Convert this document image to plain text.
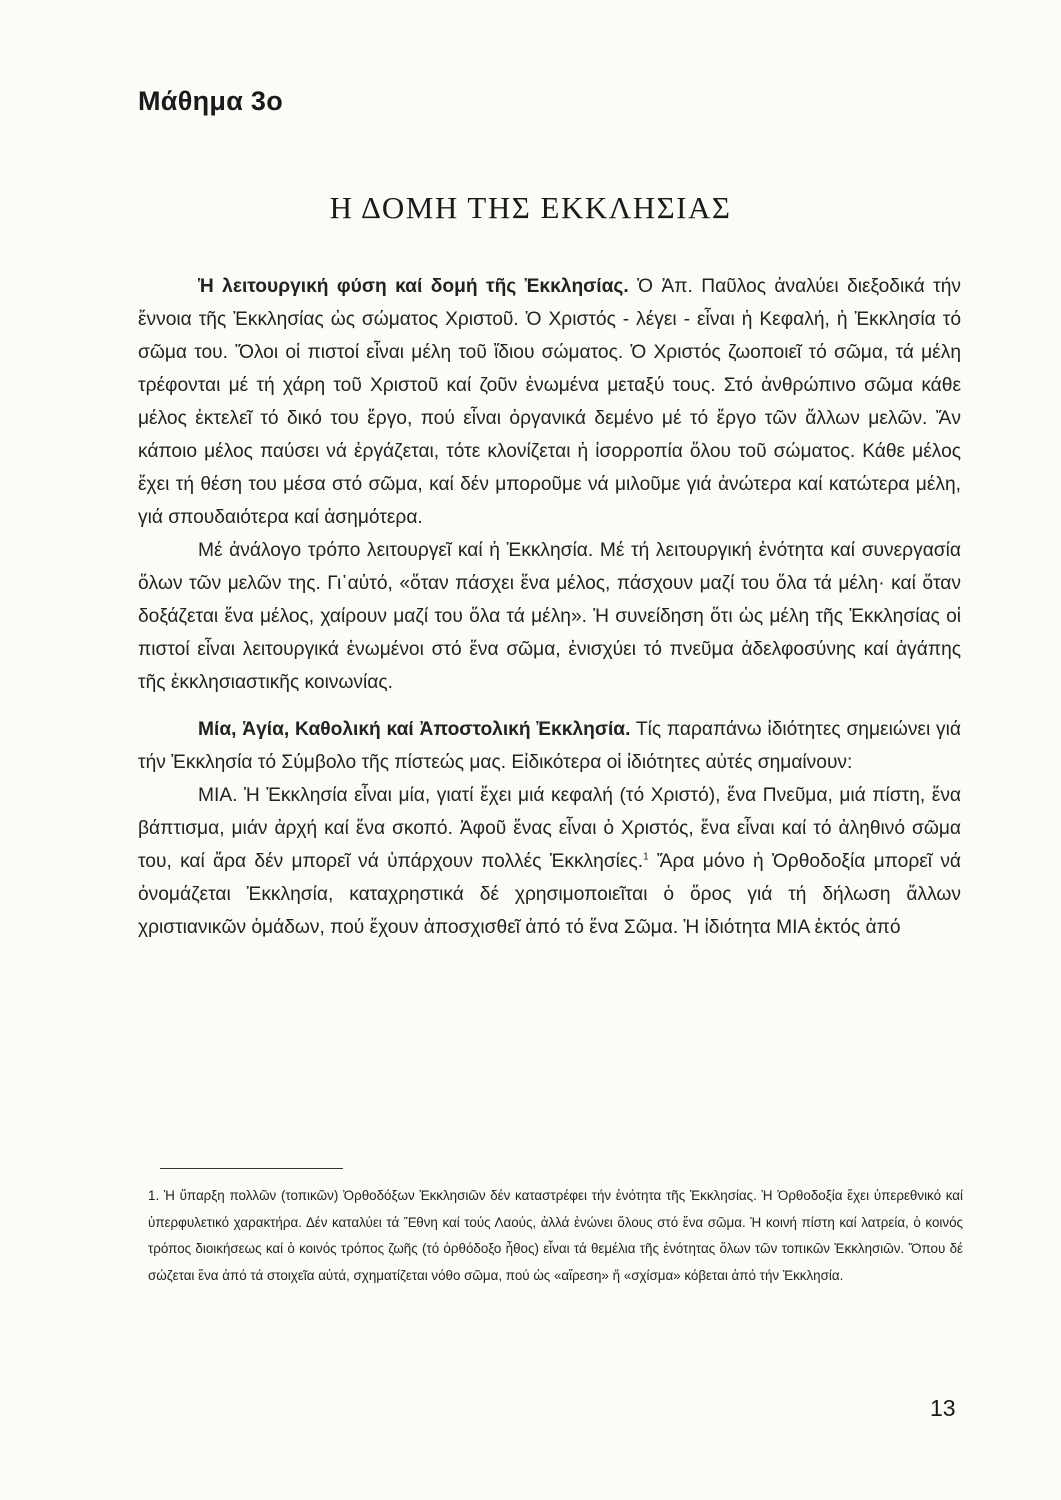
Μάθημα 3ο
Η ΔΟΜΗ ΤΗΣ ΕΚΚΛΗΣΙΑΣ

Ἡ λειτουργική φύση καί δομή τῆς Ἐκκλησίας. Ὁ Ἀπ. Παῦλος ἀναλύει διεξοδικά τήν ἔννοια τῆς Ἐκκλησίας ὡς σώματος Χριστοῦ. Ὁ Χριστός - λέγει - εἶναι ἡ Κεφαλή, ἡ Ἐκκλησία τό σῶμα του. Ὅλοι οἱ πιστοί εἶναι μέλη τοῦ ἴδιου σώματος. Ὁ Χριστός ζωοποιεῖ τό σῶμα, τά μέλη τρέφονται μέ τή χάρη τοῦ Χριστοῦ καί ζοῦν ἑνωμένα μεταξύ τους. Στό ἀνθρώπινο σῶμα κάθε μέλος ἐκτελεῖ τό δικό του ἔργο, πού εἶναι ὀργανικά δεμένο μέ τό ἔργο τῶν ἄλλων μελῶν. Ἄν κάποιο μέλος παύσει νά ἐργάζεται, τότε κλονίζεται ἡ ἰσορροπία ὅλου τοῦ σώματος. Κάθε μέλος ἔχει τή θέση του μέσα στό σῶμα, καί δέν μποροῦμε νά μιλοῦμε γιά ἀνώτερα καί κατώτερα μέλη, γιά σπουδαιότερα καί ἀσημότερα.

Μέ ἀνάλογο τρόπο λειτουργεῖ καί ἡ Ἐκκλησία. Μέ τή λειτουργική ἑνότητα καί συνεργασία ὅλων τῶν μελῶν της. Γι᾿αὐτό, «ὅταν πάσχει ἕνα μέλος, πάσχουν μαζί του ὅλα τά μέλη· καί ὅταν δοξάζεται ἕνα μέλος, χαίρουν μαζί του ὅλα τά μέλη». Ἡ συνείδηση ὅτι ὡς μέλη τῆς Ἐκκλησίας οἱ πιστοί εἶναι λειτουργικά ἑνωμένοι στό ἕνα σῶμα, ἐνισχύει τό πνεῦμα ἀδελφοσύνης καί ἀγάπης τῆς ἐκκλησιαστικῆς κοινωνίας.

Μία, Ἁγία, Καθολική καί Ἀποστολική Ἐκκλησία. Τίς παραπάνω ἰδιότητες σημειώνει γιά τήν Ἐκκλησία τό Σύμβολο τῆς πίστεώς μας. Εἰδικότερα οἱ ἰδιότητες αὐτές σημαίνουν:

ΜΙΑ. Ἡ Ἐκκλησία εἶναι μία, γιατί ἔχει μιά κεφαλή (τό Χριστό), ἕνα Πνεῦμα, μιά πίστη, ἕνα βάπτισμα, μιάν ἀρχή καί ἕνα σκοπό. Ἀφοῦ ἕνας εἶναι ὁ Χριστός, ἕνα εἶναι καί τό ἀληθινό σῶμα του, καί ἄρα δέν μπορεῖ νά ὑπάρχουν πολλές Ἐκκλησίες.$^1$ Ἄρα μόνο ἡ Ὀρθοδοξία μπορεῖ νά ὀνομάζεται Ἐκκλησία, καταχρηστικά δέ χρησιμοποιεῖται ὁ ὅρος γιά τή δήλωση ἄλλων χριστιανικῶν ὁμάδων, πού ἔχουν ἀποσχισθεῖ ἀπό τό ἕνα Σῶμα. Ἡ ἰδιότητα ΜΙΑ ἐκτός ἀπό

1. Ἡ ὕπαρξη πολλῶν (τοπικῶν) Ὀρθοδόξων Ἐκκλησιῶν δέν καταστρέφει τήν ἑνότητα τῆς Ἐκκλησίας. Ἡ Ὀρθοδοξία ἔχει ὑπερεθνικό καί ὑπερφυλετικό χαρακτήρα. Δέν καταλύει τά Ἔθνη καί τούς Λαούς, ἀλλά ἑνώνει ὅλους στό ἕνα σῶμα. Ἡ κοινή πίστη καί λατρεία, ὁ κοινός τρόπος διοικήσεως καί ὁ κοινός τρόπος ζωῆς (τό ὀρθόδοξο ἦθος) εἶναι τά θεμέλια τῆς ἑνότητας ὅλων τῶν τοπικῶν Ἐκκλησιῶν. Ὅπου δέ σώζεται ἕνα ἀπό τά στοιχεῖα αὐτά, σχηματίζεται νόθο σῶμα, πού ὡς «αἵρεση» ἤ «σχίσμα» κόβεται ἀπό τήν Ἐκκλησία.

13
